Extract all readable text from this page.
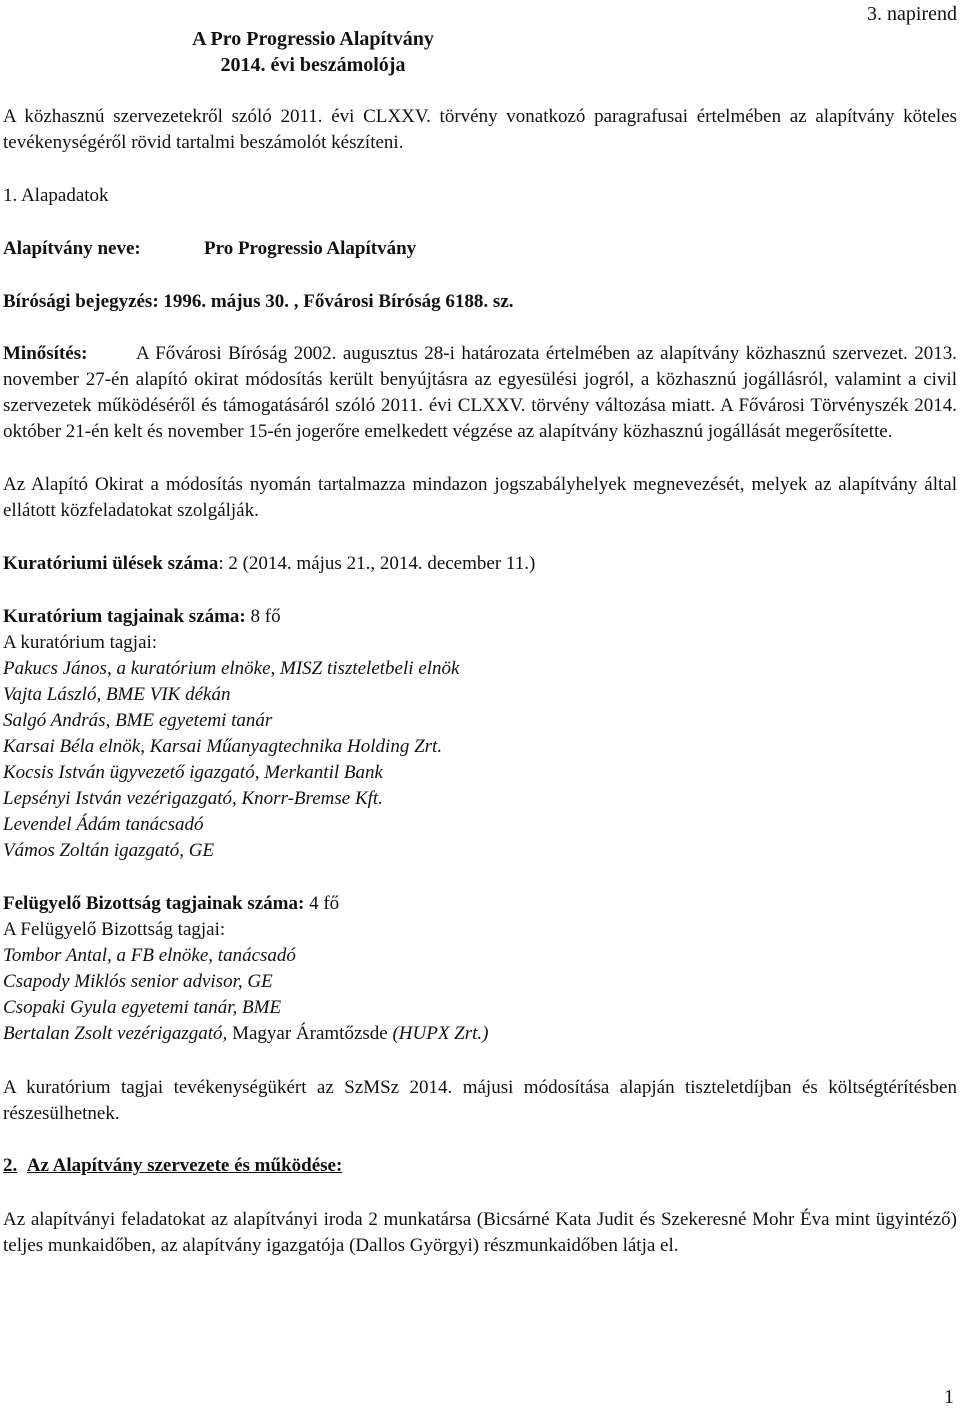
3. napirend
A Pro Progressio Alapítvány
2014. évi beszámolója
A közhasznú szervezetekről szóló 2011. évi CLXXV. törvény vonatkozó paragrafusai értelmében az alapítvány köteles tevékenységéről rövid tartalmi beszámolót készíteni.
1. Alapadatok
Alapítvány neve:	Pro Progressio Alapítvány
Bírósági bejegyzés: 1996. május 30. , Fővárosi Bíróság 6188. sz.
Minősítés:	A Fővárosi Bíróság 2002. augusztus 28-i határozata értelmében az alapítvány közhasznú szervezet. 2013. november 27-én alapító okirat módosítás került benyújtásra az egyesülési jogról, a közhasznú jogállásról, valamint a civil szervezetek működéséről és támogatásáról szóló 2011. évi CLXXV. törvény változása miatt. A Fővárosi Törvényszék 2014. október 21-én kelt és november 15-én jogerőre emelkedett végzése az alapítvány közhasznú jogállását megerősítette.
Az Alapító Okirat a módosítás nyomán tartalmazza mindazon jogszabályhelyek megnevezését, melyek az alapítvány által ellátott közfeladatokat szolgálják.
Kuratóriumi ülések száma: 2 (2014. május 21., 2014. december 11.)
Kuratórium tagjainak száma: 8 fő
A kuratórium tagjai:
Pakucs János, a kuratórium elnöke, MISZ tiszteletbeli elnök
Vajta László, BME VIK dékán
Salgó András, BME egyetemi tanár
Karsai Béla elnök, Karsai Műanyagtechnika Holding Zrt.
Kocsis István ügyvezető igazgató, Merkantil Bank
Lepsényi István vezérigazgató, Knorr-Bremse Kft.
Levendel Ádám tanácsadó
Vámos Zoltán igazgató, GE
Felügyelő Bizottság tagjainak száma: 4 fő
A Felügyelő Bizottság tagjai:
Tombor Antal, a FB elnöke, tanácsadó
Csapody Miklós senior advisor, GE
Csopaki Gyula egyetemi tanár, BME
Bertalan Zsolt vezérigazgató, Magyar Áramtőzsde (HUPX Zrt.)
A kuratórium tagjai tevékenységükért az SzMSz 2014. májusi módosítása alapján tiszteletdíjban és költségtérítésben részesülhetnek.
2. Az Alapítvány szervezete és működése:
Az alapítványi feladatokat az alapítványi iroda 2 munkatársa (Bicsárné Kata Judit és Szekeresné Mohr Éva mint ügyintéző) teljes munkaidőben, az alapítvány igazgatója (Dallos Györgyi) részmunkaidőben látja el.
1
